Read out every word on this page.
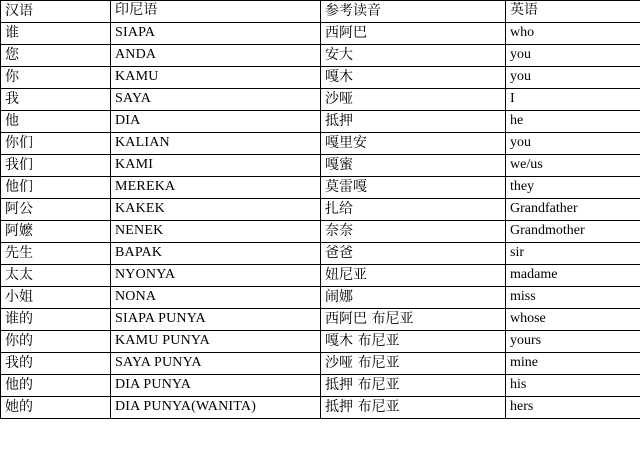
汉语	印尼语	参考读音	英语
谁	SIAPA	西阿巴	who
您	ANDA	安大	you
你	KAMU	嘎木	you
我	SAYA	沙哑	I
他	DIA	抵押	he
你们	KALIAN	嘎里安	you
我们	KAMI	嘎蜜	we/us
他们	MEREKA	莫雷嘎	they
阿公	KAKEK	扎给	Grandfather
阿嬷	NENEK	奈奈	Grandmother
先生	BAPAK	爸爸	sir
太太	NYONYA	妞尼亚	madame
小姐	NONA	闹娜	miss
谁的	SIAPA PUNYA	西阿巴 布尼亚	whose
你的	KAMU PUNYA	嘎木 布尼亚	yours
我的	SAYA PUNYA	沙哑 布尼亚	mine
他的	DIA PUNYA	抵押 布尼亚	his
她的	DIA PUNYA(WANITA)	抵押 布尼亚	hers
